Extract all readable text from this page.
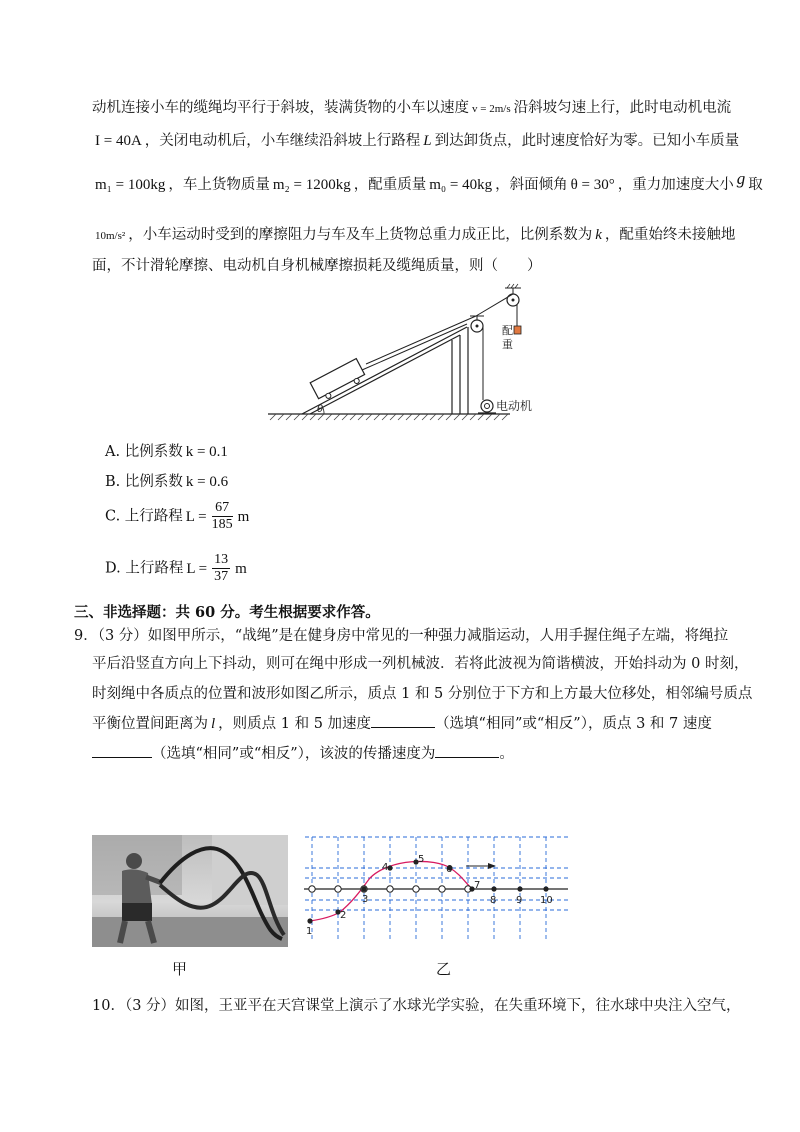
动机连接小车的缆绳均平行于斜坡，装满货物的小车以速度 v = 2m/s 沿斜坡匀速上行，此时电动机电流
I = 40A ，关闭电动机后，小车继续沿斜坡上行路程 L 到达卸货点，此时速度恰好为零。已知小车质量
m₁ = 100kg ，车上货物质量 m₂ = 1200kg ，配重质量 m₀ = 40kg ，斜面倾角 θ = 30° ，重力加速度大小 g 取
10m/s² ，小车运动时受到的摩擦阻力与车及车上货物总重力成正比，比例系数为 k ，配重始终未接触地
面，不计滑轮摩擦、电动机自身机械摩擦损耗及缆绳质量，则（　　）
配
重
电动机
θ
A. 比例系数 k = 0.1
B. 比例系数 k = 0.6
C. 上行路程 $L = \frac{67}{185}$ m
D. 上行路程 $L = \frac{13}{37}$ m
三、非选择题：共 60 分。考生根据要求作答。
9．（3 分）如图甲所示，“战绳”是在健身房中常见的一种强力减脂运动，人用手握住绳子左端，将绳拉
平后沿竖直方向上下抖动，则可在绳中形成一列机械波．若将此波视为简谐横波，开始抖动为 0 时刻，
时刻绳中各质点的位置和波形如图乙所示，质点 1 和 5 分别位于下方和上方最大位移处，相邻编号质点
平衡位置间距离为 l ，则质点 1 和 5 加速度	（选填“相同”或“相反”），质点 3 和 7 速度
（选填“相同”或“相反”），该波的传播速度为	。
甲
1
2
3
4
5
6
7
8 9 10
乙
10．（3 分）如图，王亚平在天宫课堂上演示了水球光学实验，在失重环境下，往水球中央注入空气，
